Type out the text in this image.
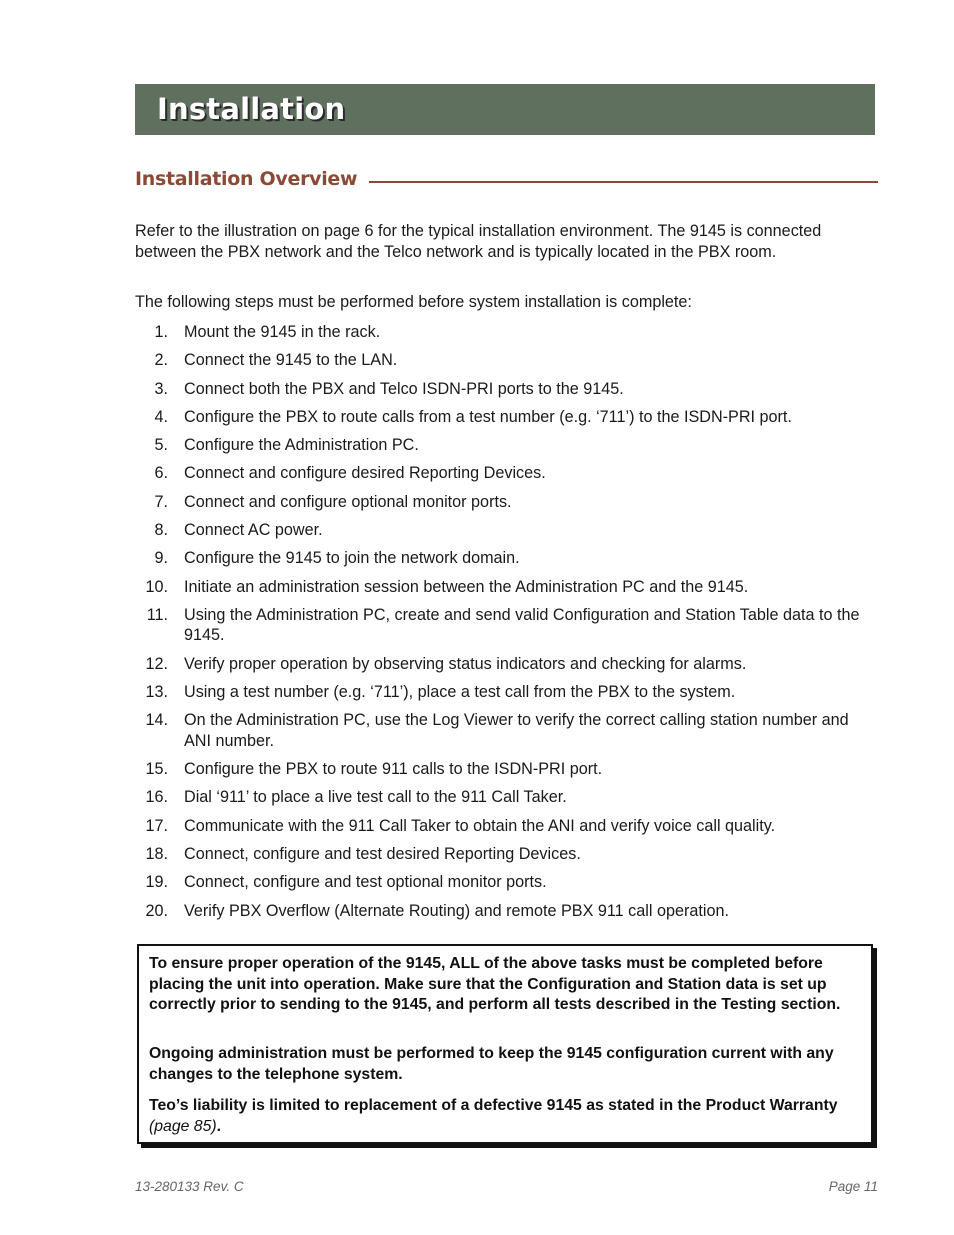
Installation
Installation Overview

Refer to the illustration on page 6 for the typical installation environment. The 9145 is connected between the PBX network and the Telco network and is typically located in the PBX room.

The following steps must be performed before system installation is complete:

1. Mount the 9145 in the rack.
2. Connect the 9145 to the LAN.
3. Connect both the PBX and Telco ISDN-PRI ports to the 9145.
4. Configure the PBX to route calls from a test number (e.g. ‘711’) to the ISDN-PRI port.
5. Configure the Administration PC.
6. Connect and configure desired Reporting Devices.
7. Connect and configure optional monitor ports.
8. Connect AC power.
9. Configure the 9145 to join the network domain.
10. Initiate an administration session between the Administration PC and the 9145.
11. Using the Administration PC, create and send valid Configuration and Station Table data to the 9145.
12. Verify proper operation by observing status indicators and checking for alarms.
13. Using a test number (e.g. ‘711’), place a test call from the PBX to the system.
14. On the Administration PC, use the Log Viewer to verify the correct calling station number and ANI number.
15. Configure the PBX to route 911 calls to the ISDN-PRI port.
16. Dial ‘911’ to place a live test call to the 911 Call Taker.
17. Communicate with the 911 Call Taker to obtain the ANI and verify voice call quality.
18. Connect, configure and test desired Reporting Devices.
19. Connect, configure and test optional monitor ports.
20. Verify PBX Overflow (Alternate Routing) and remote PBX 911 call operation.

To ensure proper operation of the 9145, ALL of the above tasks must be completed before placing the unit into operation. Make sure that the Configuration and Station data is set up correctly prior to sending to the 9145, and perform all tests described in the Testing section.

Ongoing administration must be performed to keep the 9145 configuration current with any changes to the telephone system.

Teo’s liability is limited to replacement of a defective 9145 as stated in the Product Warranty (page 85).

13-280133 Rev. C	Page 11
